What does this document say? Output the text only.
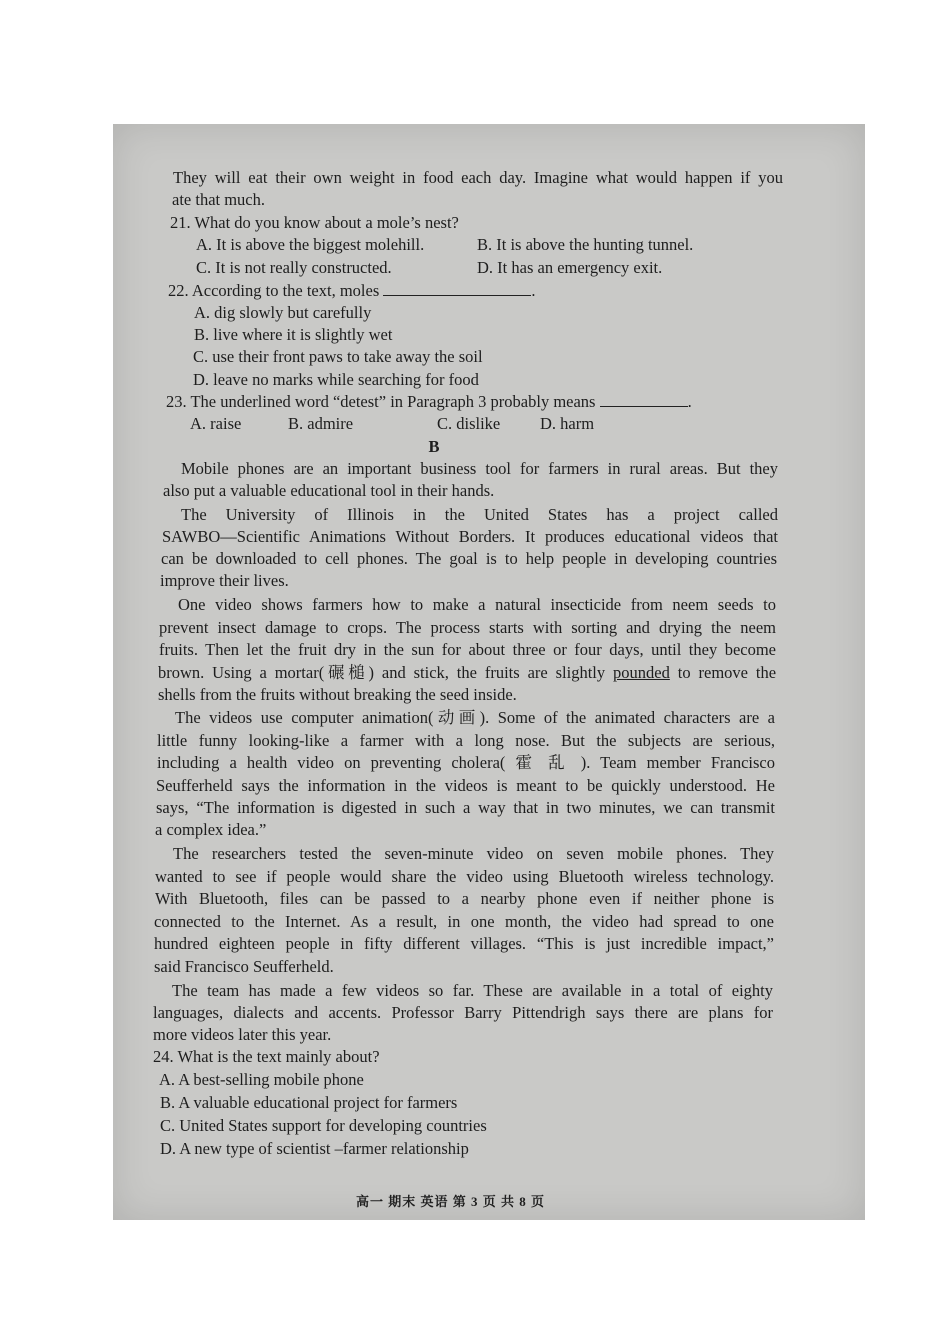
They will eat their own weight in food each day. Imagine what would happen if you
ate that much.
21. What do you know about a mole’s nest?
A. It is above the biggest molehill.	B. It is above the hunting tunnel.
C. It is not really constructed.	D. It has an emergency exit.
22. According to the text, moles	.
A. dig slowly but carefully
B. live where it is slightly wet
C. use their front paws to take away the soil
D. leave no marks while searching for food
23. The underlined word “detest” in Paragraph 3 probably means	.
A. raise	B. admire	C. dislike D. harm
B
Mobile phones are an important business tool for farmers in rural areas. But they
also put a valuable educational tool in their hands.
The University of Illinois in the United States has a project called
SAWBO—Scientific Animations Without Borders. It produces educational videos that
can be downloaded to cell phones. The goal is to help people in developing countries
improve their lives.
One video shows farmers how to make a natural insecticide from neem seeds to
prevent insect damage to crops. The process starts with sorting and drying the neem
fruits. Then let the fruit dry in the sun for about three or four days, until they become
brown. Using a mortar(碾槌) and stick, the fruits are slightly pounded to remove the
shells from the fruits without breaking the seed inside.
The videos use computer animation(动画). Some of the animated characters are a
little funny looking-like a farmer with a long nose. But the subjects are serious,
including a health video on preventing cholera( 霍 乱 ). Team member Francisco
Seufferheld says the information in the videos is meant to be quickly understood. He
says, “The information is digested in such a way that in two minutes, we can transmit
a complex idea.”
The researchers tested the seven-minute video on seven mobile phones. They
wanted to see if people would share the video using Bluetooth wireless technology.
With Bluetooth, files can be passed to a nearby phone even if neither phone is
connected to the Internet. As a result, in one month, the video had spread to one
hundred eighteen people in fifty different villages. “This is just incredible impact,”
said Francisco Seufferheld.
The team has made a few videos so far. These are available in a total of eighty
languages, dialects and accents. Professor Barry Pittendrigh says there are plans for
more videos later this year.
24. What is the text mainly about?
A. A best-selling mobile phone
B. A valuable educational project for farmers
C. United States support for developing countries
D. A new type of scientist –farmer relationship
高一 期末 英语 第 3 页 共 8 页
